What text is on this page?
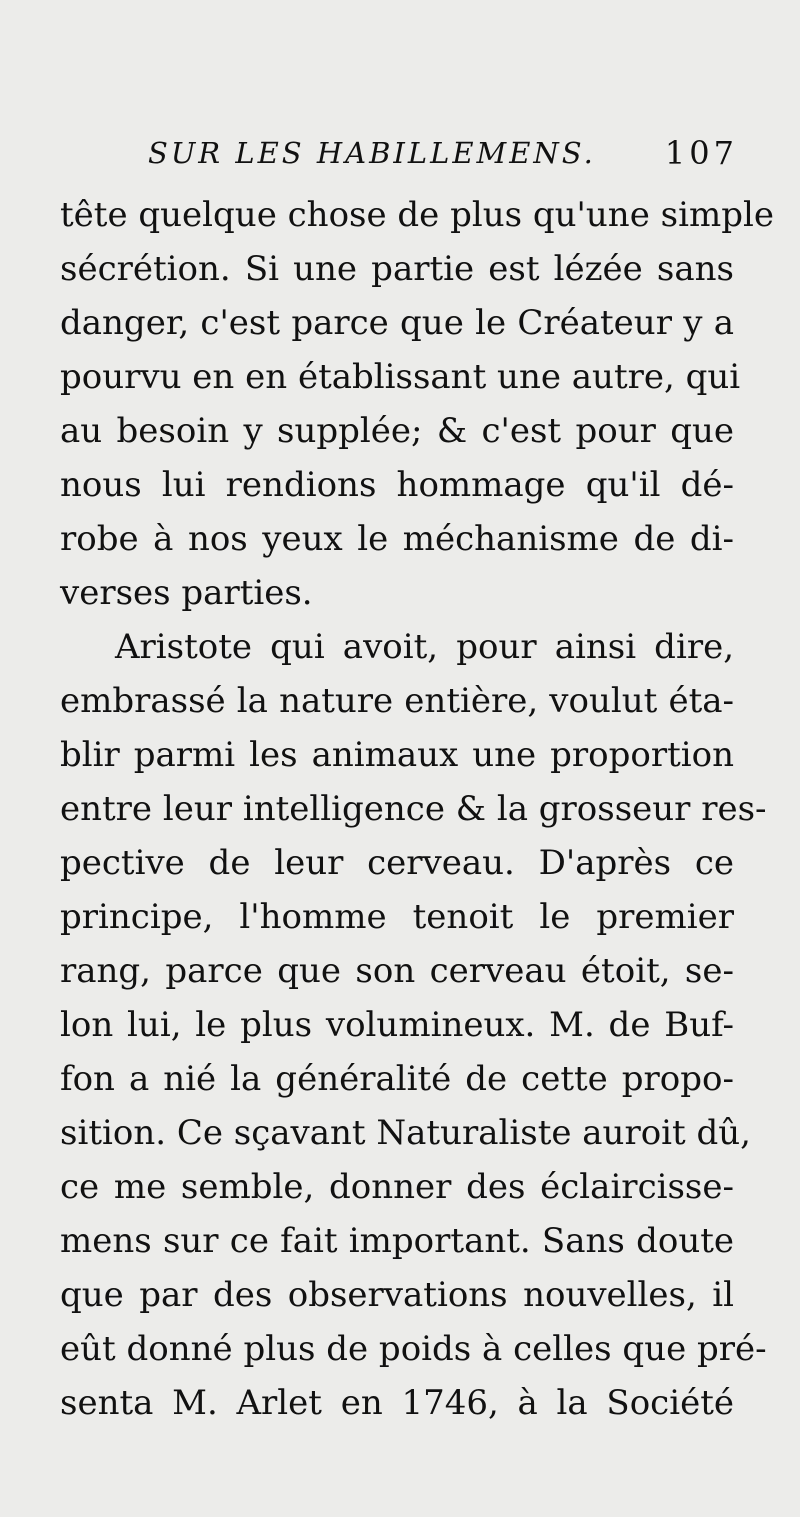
SUR LES HABILLEMENS. 107
tête quelque chose de plus qu'une simple
sécrétion. Si une partie est lézée sans
danger, c'est parce que le Créateur y a
pourvu en en établissant une autre, qui
au besoin y supplée; & c'est pour que
nous lui rendions hommage qu'il dé-
robe à nos yeux le méchanisme de di-
verses parties.
Aristote qui avoit, pour ainsi dire,
embrassé la nature entière, voulut éta-
blir parmi les animaux une proportion
entre leur intelligence & la grosseur res-
pective de leur cerveau. D'après ce
principe, l'homme tenoit le premier
rang, parce que son cerveau étoit, se-
lon lui, le plus volumineux. M. de Buf-
fon a nié la généralité de cette propo-
sition. Ce sçavant Naturaliste auroit dû,
ce me semble, donner des éclaircisse-
mens sur ce fait important. Sans doute
que par des observations nouvelles, il
eût donné plus de poids à celles que pré-
senta M. Arlet en 1746, à la Société
